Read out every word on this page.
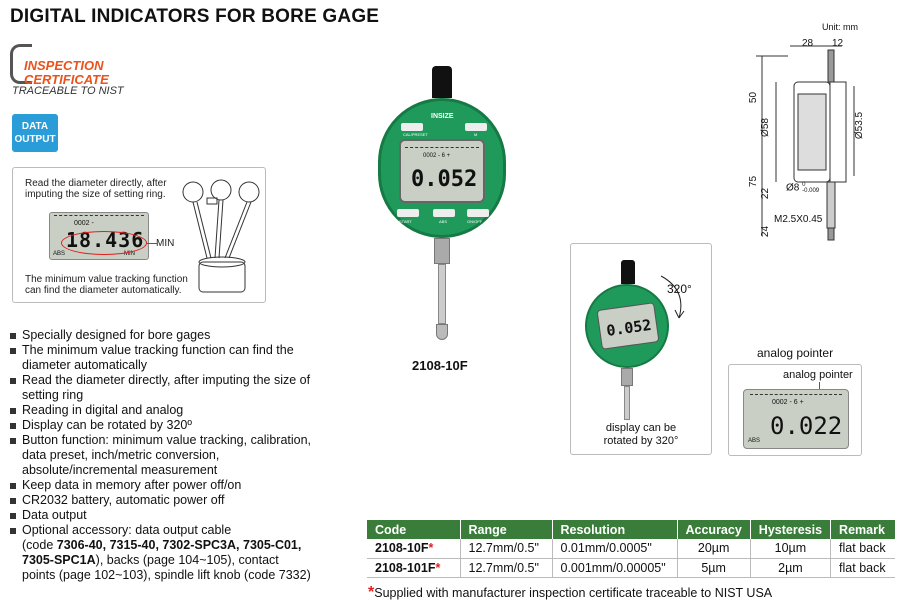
DIGITAL INDICATORS FOR BORE GAGE
INSPECTION
CERTIFICATE
TRACEABLE TO NIST
DATA
OUTPUT
Read the diameter directly, after
imputing the size of setting ring.
0002 -
18.436
ABS	MIN
MIN
The minimum value tracking function
can find the diameter automatically.
INSIZE
CAL/PRESET	M
0002 - 6 +
0.052
START	ABS	ON/OFF
2108-10F
0.052
320°
display can be
rotated by 320°
analog pointer
analog pointer
0002 - 6 +
0.022
ABS
Unit: mm
28 12
50
Ø58	Ø53.5
75
22 Ø8 0
-0.009
24
M2.5X0.45
Specially designed for bore gages
The minimum value tracking function can find the diameter automatically
Read the diameter directly, after imputing the size of setting ring
Reading in digital and analog
Display can be rotated by 320º
Button function: minimum value tracking, calibration, data preset, inch/metric conversion, absolute/incremental measurement
Keep data in memory after power off/on
CR2032 battery, automatic power off
Data output
Optional accessory: data output cable
(code 7306-40, 7315-40, 7302-SPC3A, 7305-C01,
7305-SPC1A), backs (page 104~105), contact
points (page 102~103), spindle lift knob (code 7332)
Code	Range	Resolution	Accuracy	Hysteresis	Remark
2108-10F*	12.7mm/0.5"	0.01mm/0.0005"	20µm	10µm	flat back
2108-101F*	12.7mm/0.5"	0.001mm/0.00005"	5µm	2µm	flat back
*Supplied with manufacturer inspection certificate traceable to NIST USA
